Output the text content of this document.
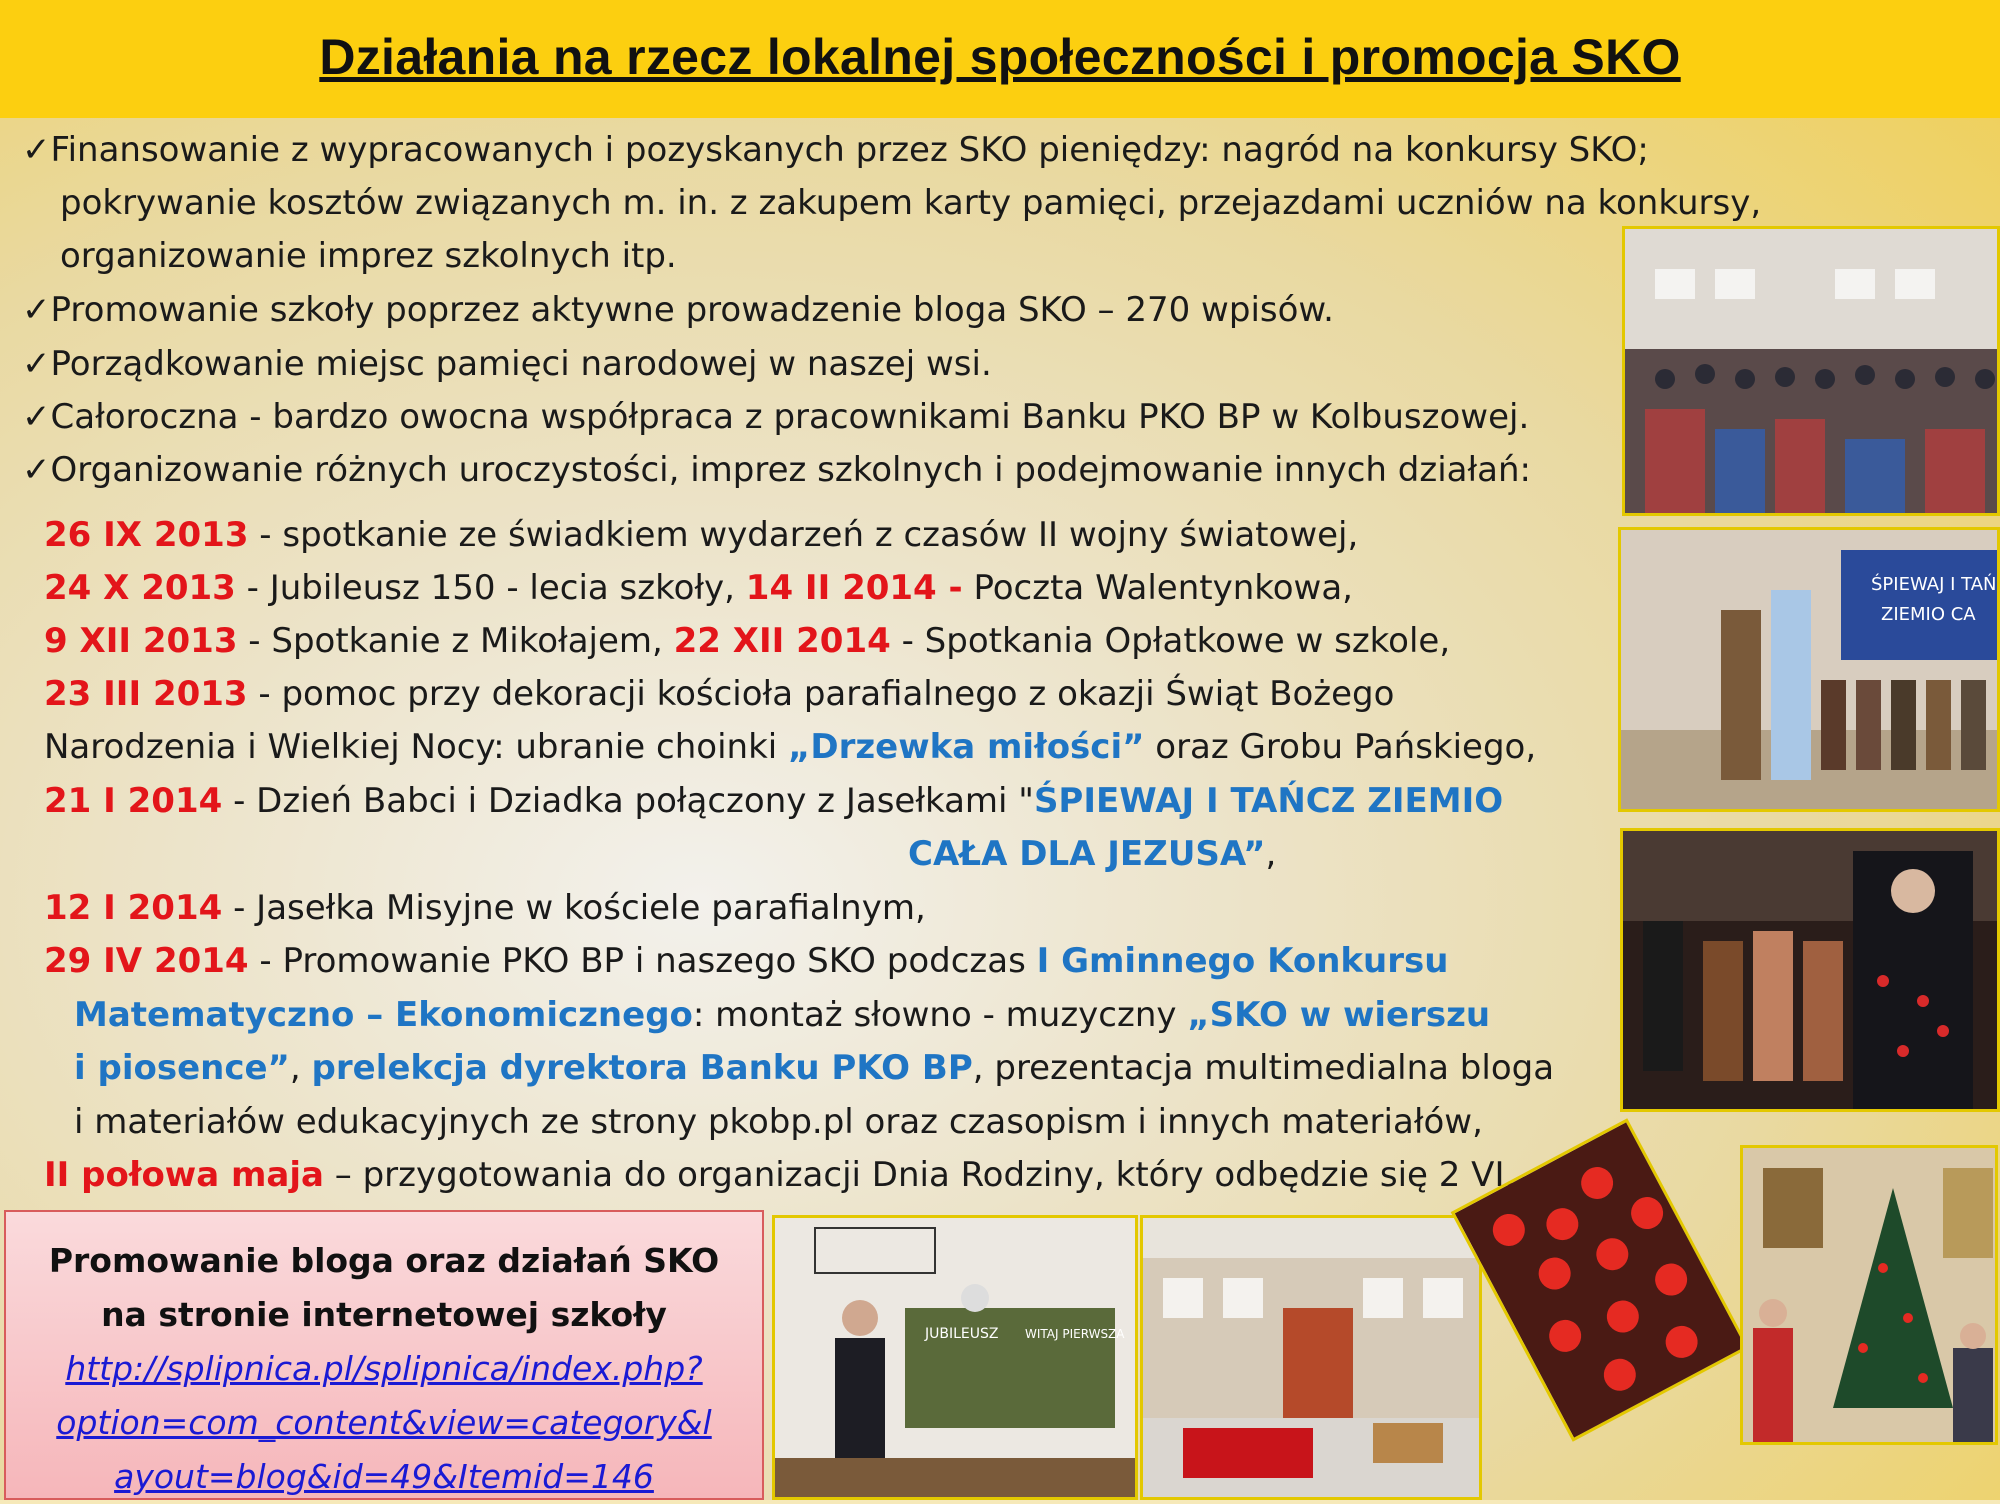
Działania na rzecz lokalnej społeczności i promocja SKO
✓Finansowanie z wypracowanych i pozyskanych przez SKO pieniędzy: nagród na konkursy SKO;
pokrywanie kosztów związanych m. in. z zakupem karty pamięci, przejazdami uczniów na konkursy,
organizowanie imprez szkolnych itp.
✓Promowanie szkoły poprzez aktywne prowadzenie bloga SKO – 270 wpisów.
✓Porządkowanie miejsc pamięci narodowej w naszej wsi.
✓Całoroczna - bardzo owocna współpraca z pracownikami Banku PKO BP w Kolbuszowej.
✓Organizowanie różnych uroczystości, imprez szkolnych i podejmowanie innych działań:
26 IX 2013 - spotkanie ze świadkiem wydarzeń z czasów II wojny światowej,
24 X 2013 - Jubileusz 150 - lecia szkoły, 14 II 2014 - Poczta Walentynkowa,
9 XII 2013 - Spotkanie z Mikołajem, 22 XII 2014 - Spotkania Opłatkowe w szkole,
23 III 2013 - pomoc przy dekoracji kościoła parafialnego z okazji Świąt Bożego
Narodzenia i Wielkiej Nocy: ubranie choinki „Drzewka miłości” oraz Grobu Pańskiego,
21 I 2014 - Dzień Babci i Dziadka połączony z Jasełkami "ŚPIEWAJ I TAŃCZ ZIEMIO
CAŁA DLA JEZUSA”,
12 I 2014 - Jasełka Misyjne w kościele parafialnym,
29 IV 2014 - Promowanie PKO BP i naszego SKO podczas I Gminnego Konkursu
Matematyczno – Ekonomicznego: montaż słowno - muzyczny „SKO w wierszu
i piosence”, prelekcja dyrektora Banku PKO BP, prezentacja multimedialna bloga
i materiałów edukacyjnych ze strony pkobp.pl oraz czasopism i innych materiałów,
II połowa maja – przygotowania do organizacji Dnia Rodziny, który odbędzie się 2 VI.
Promowanie bloga oraz działań SKO
na stronie internetowej szkoły
http://splipnica.pl/splipnica/index.php?
option=com_content&view=category&l
ayout=blog&id=49&Itemid=146
ŚPIEWAJ I TAŃ
ZIEMIO CA
JUBILEUSZ WITAJ PIERWSZA
